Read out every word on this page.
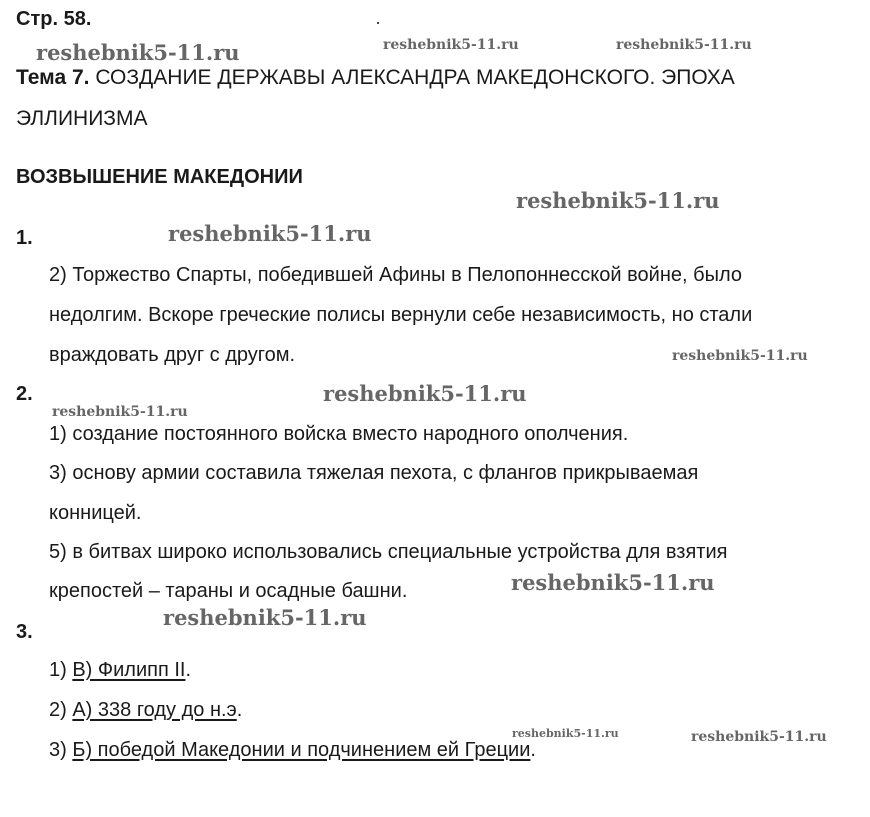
Стр. 58.
reshebnik5-11.ru	reshebnik5-11.ru	reshebnik5-11.ru
Тема 7. СОЗДАНИЕ ДЕРЖАВЫ АЛЕКСАНДРА МАКЕДОНСКОГО. ЭПОХА
ЭЛЛИНИЗМА
ВОЗВЫШЕНИЕ МАКЕДОНИИ
reshebnik5-11.ru
1.	reshebnik5-11.ru
2) Торжество Спарты, победившей Афины в Пелопоннесской войне, было
недолгим. Вскоре греческие полисы вернули себе независимость, но стали
враждовать друг с другом.	reshebnik5-11.ru
2.	reshebnik5-11.ru
reshebnik5-11.ru
1) создание постоянного войска вместо народного ополчения.
3) основу армии составила тяжелая пехота, с флангов прикрываемая
конницей.
5) в битвах широко использовались специальные устройства для взятия
крепостей – тараны и осадные башни.	reshebnik5-11.ru
3.
reshebnik5-11.ru
1) В) Филипп II.
2) А) 338 году до н.э.
reshebnik5-11.ru	reshebnik5-11.ru
3) Б) победой Македонии и подчинением ей Греции.
